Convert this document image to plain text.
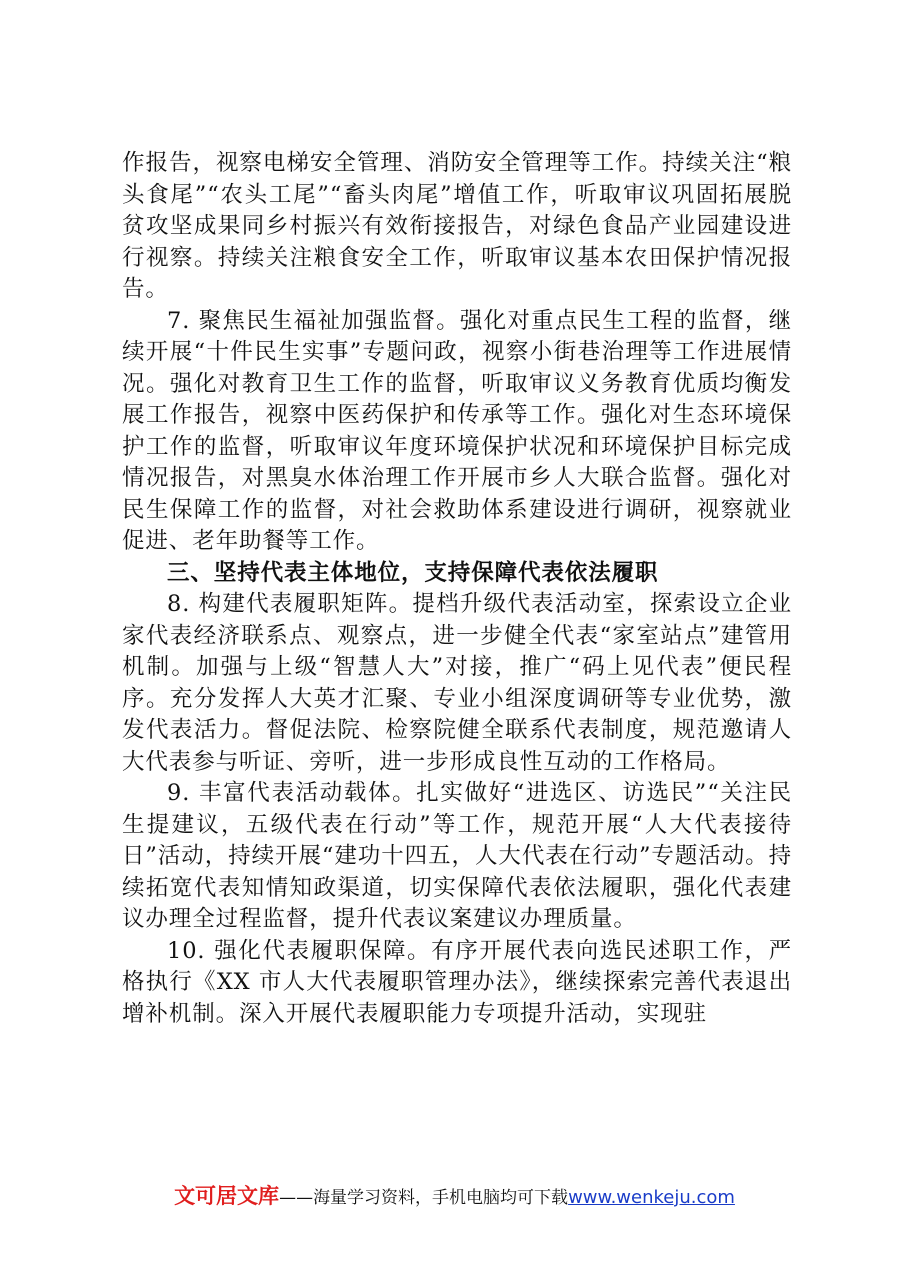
作报告，视察电梯安全管理、消防安全管理等工作。持续关注“粮头食尾”“农头工尾”“畜头肉尾”增值工作，听取审议巩固拓展脱贫攻坚成果同乡村振兴有效衔接报告，对绿色食品产业园建设进行视察。持续关注粮食安全工作，听取审议基本农田保护情况报告。

7. 聚焦民生福祉加强监督。强化对重点民生工程的监督，继续开展“十件民生实事”专题问政，视察小街巷治理等工作进展情况。强化对教育卫生工作的监督，听取审议义务教育优质均衡发展工作报告，视察中医药保护和传承等工作。强化对生态环境保护工作的监督，听取审议年度环境保护状况和环境保护目标完成情况报告，对黑臭水体治理工作开展市乡人大联合监督。强化对民生保障工作的监督，对社会救助体系建设进行调研，视察就业促进、老年助餐等工作。

三、坚持代表主体地位，支持保障代表依法履职

8. 构建代表履职矩阵。提档升级代表活动室，探索设立企业家代表经济联系点、观察点，进一步健全代表“家室站点”建管用机制。加强与上级“智慧人大”对接，推广“码上见代表”便民程序。充分发挥人大英才汇聚、专业小组深度调研等专业优势，激发代表活力。督促法院、检察院健全联系代表制度，规范邀请人大代表参与听证、旁听，进一步形成良性互动的工作格局。

9. 丰富代表活动载体。扎实做好“进选区、访选民”“关注民生提建议，五级代表在行动”等工作，规范开展“人大代表接待日”活动，持续开展“建功十四五，人大代表在行动”专题活动。持续拓宽代表知情知政渠道，切实保障代表依法履职，强化代表建议办理全过程监督，提升代表议案建议办理质量。

10. 强化代表履职保障。有序开展代表向选民述职工作，严格执行《XX 市人大代表履职管理办法》，继续探索完善代表退出增补机制。深入开展代表履职能力专项提升活动，实现驻

文可居文库——海量学习资料，手机电脑均可下载www.wenkeju.com
